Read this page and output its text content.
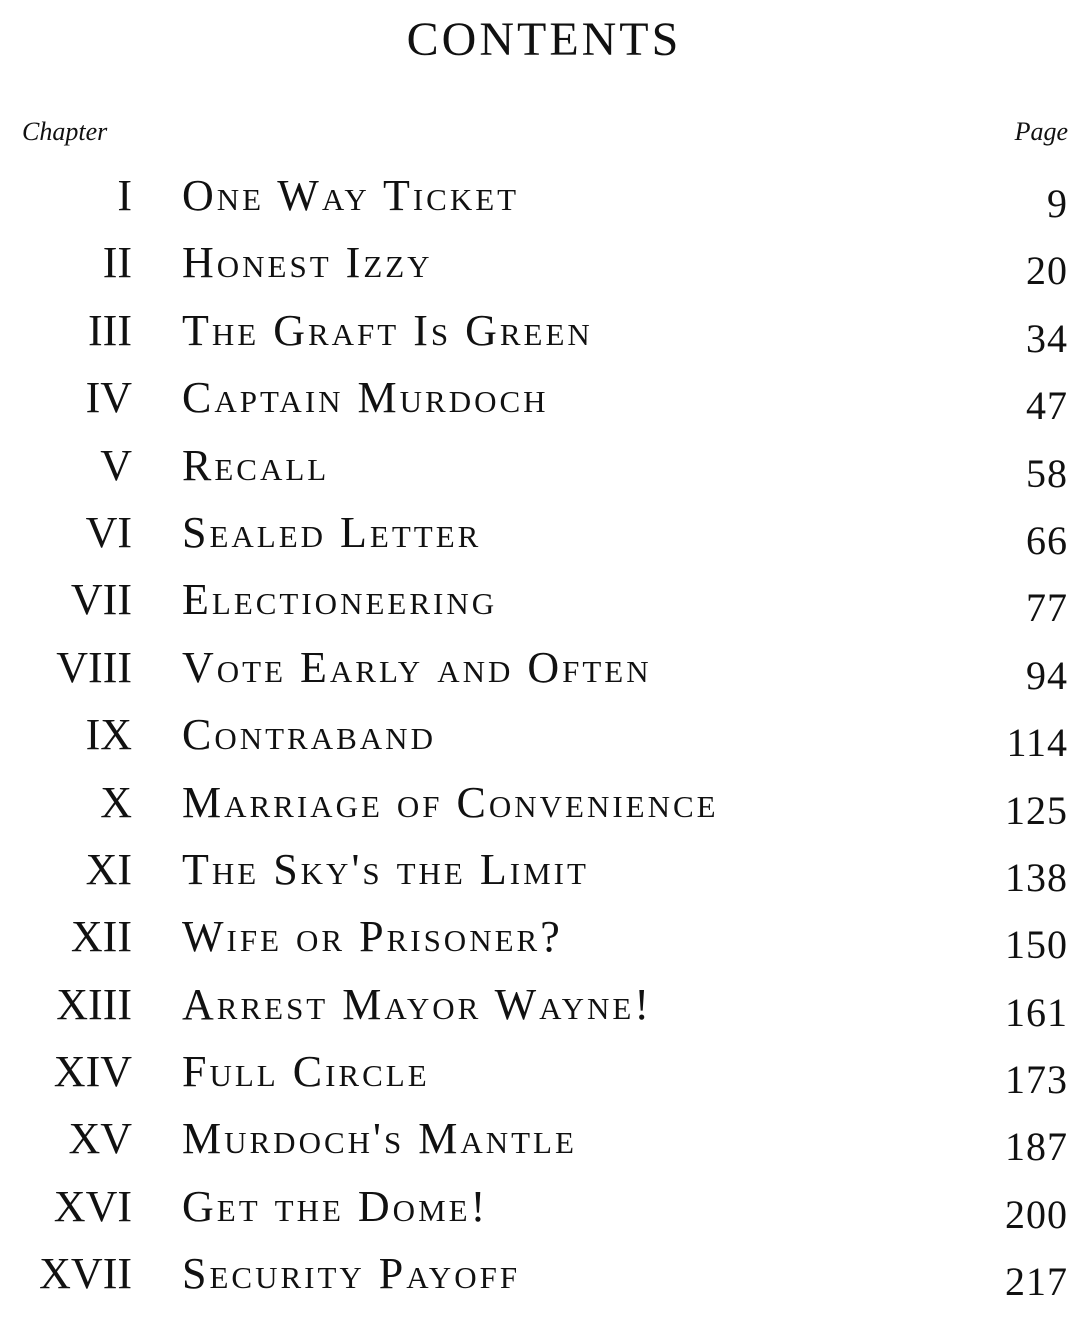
CONTENTS
Chapter	Page
I One Way Ticket	9
II Honest Izzy	20
III The Graft Is Green	34
IV Captain Murdoch	47
V Recall	58
VI Sealed Letter	66
VII Electioneering	77
VIII Vote Early and Often	94
IX Contraband	114
X Marriage of Convenience	125
XI The Sky's the Limit	138
XII Wife or Prisoner?	150
XIII Arrest Mayor Wayne!	161
XIV Full Circle	173
XV Murdoch's Mantle	187
XVI Get the Dome!	200
XVII Security Payoff	217
